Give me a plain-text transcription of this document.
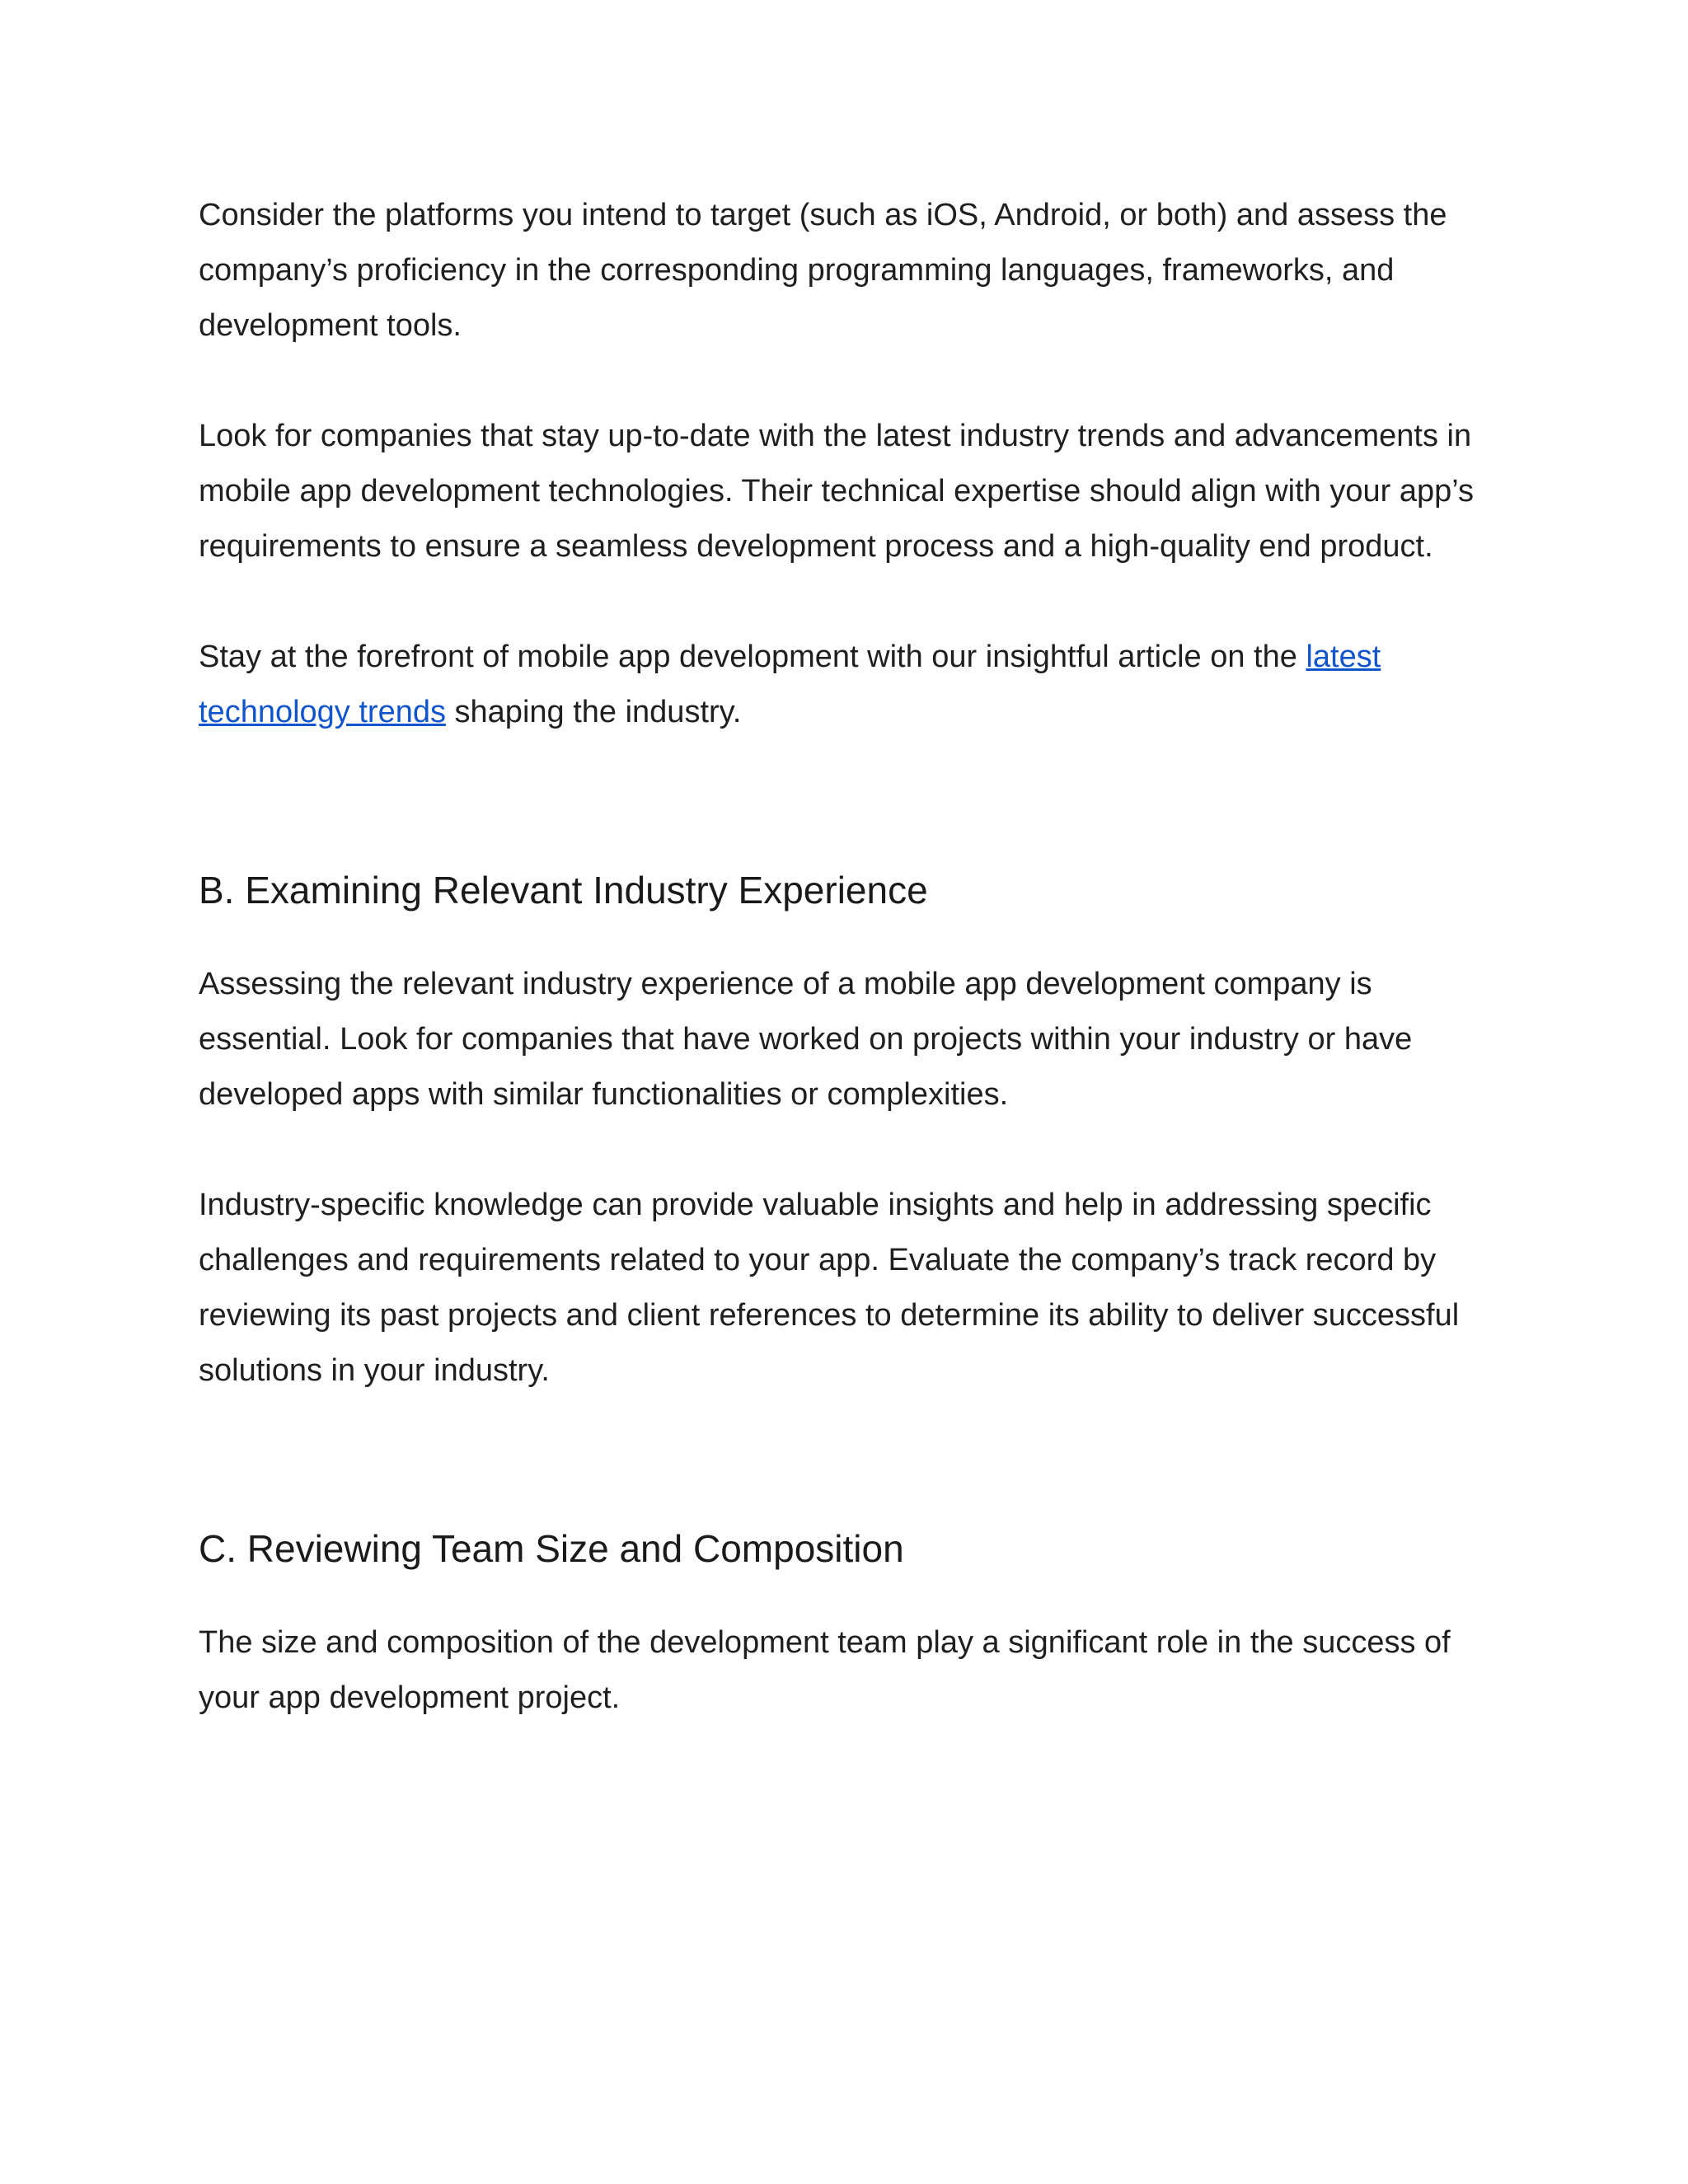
Consider the platforms you intend to target (such as iOS, Android, or both) and assess the company’s proficiency in the corresponding programming languages, frameworks, and development tools.

Look for companies that stay up-to-date with the latest industry trends and advancements in mobile app development technologies. Their technical expertise should align with your app’s requirements to ensure a seamless development process and a high-quality end product.

Stay at the forefront of mobile app development with our insightful article on the latest technology trends shaping the industry.

B. Examining Relevant Industry Experience

Assessing the relevant industry experience of a mobile app development company is essential. Look for companies that have worked on projects within your industry or have developed apps with similar functionalities or complexities.

Industry-specific knowledge can provide valuable insights and help in addressing specific challenges and requirements related to your app. Evaluate the company’s track record by reviewing its past projects and client references to determine its ability to deliver successful solutions in your industry.

C. Reviewing Team Size and Composition

The size and composition of the development team play a significant role in the success of your app development project.
